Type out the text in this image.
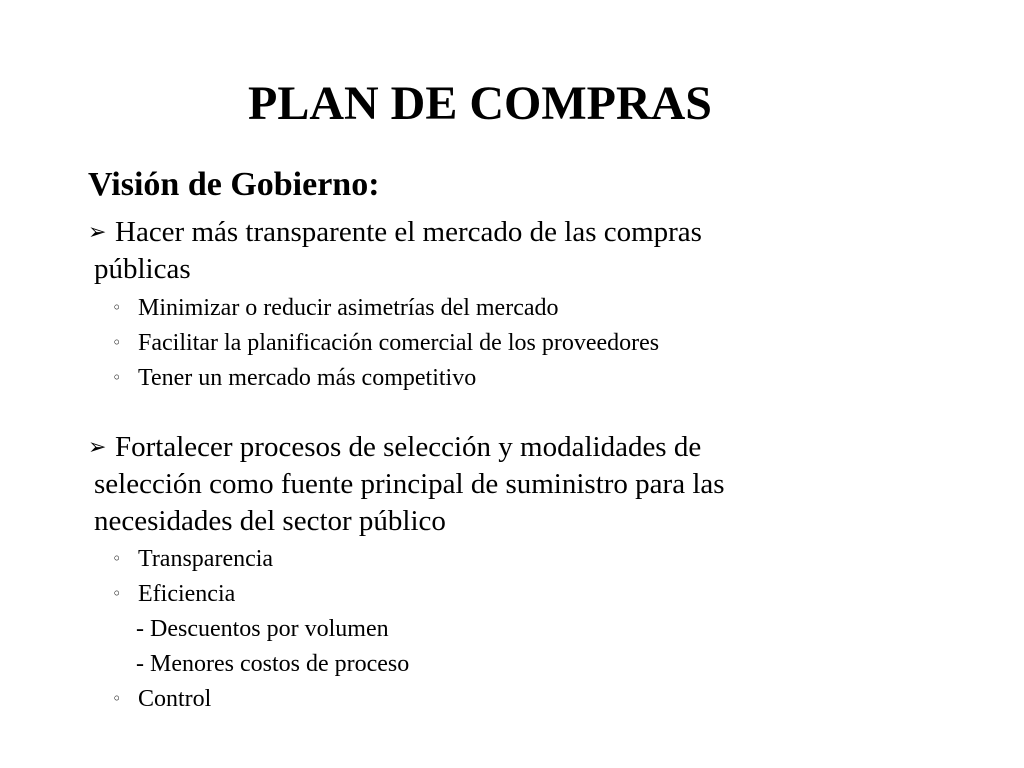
PLAN DE COMPRAS

Visión de Gobierno:

➢ Hacer más transparente el mercado de las compras
públicas

◦ Minimizar o reducir asimetrías del mercado

◦ Facilitar la planificación comercial de los proveedores

◦ Tener un mercado más competitivo

➢ Fortalecer procesos de selección y modalidades de
selección como fuente principal de suministro para las
necesidades del sector público

◦ Transparencia

◦ Eficiencia

- Descuentos por volumen

- Menores costos de proceso

◦ Control
